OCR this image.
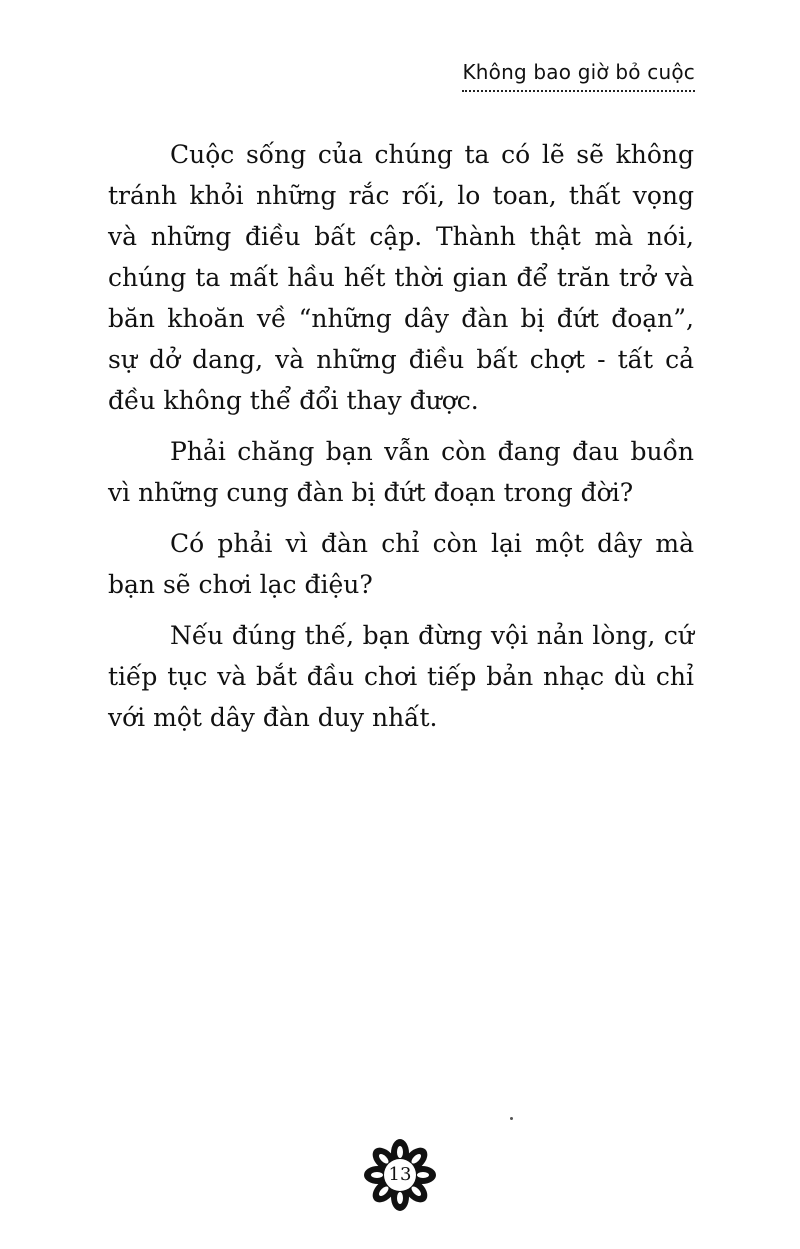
Không bao giờ bỏ cuộc

Cuộc sống của chúng ta có lẽ sẽ không tránh khỏi những rắc rối, lo toan, thất vọng và những điều bất cập. Thành thật mà nói, chúng ta mất hầu hết thời gian để trăn trở và băn khoăn về “những dây đàn bị đứt đoạn”, sự dở dang, và những điều bất chợt - tất cả đều không thể đổi thay được.

Phải chăng bạn vẫn còn đang đau buồn vì những cung đàn bị đứt đoạn trong đời?

Có phải vì đàn chỉ còn lại một dây mà bạn sẽ chơi lạc điệu?

Nếu đúng thế, bạn đừng vội nản lòng, cứ tiếp tục và bắt đầu chơi tiếp bản nhạc dù chỉ với một dây đàn duy nhất.

13
